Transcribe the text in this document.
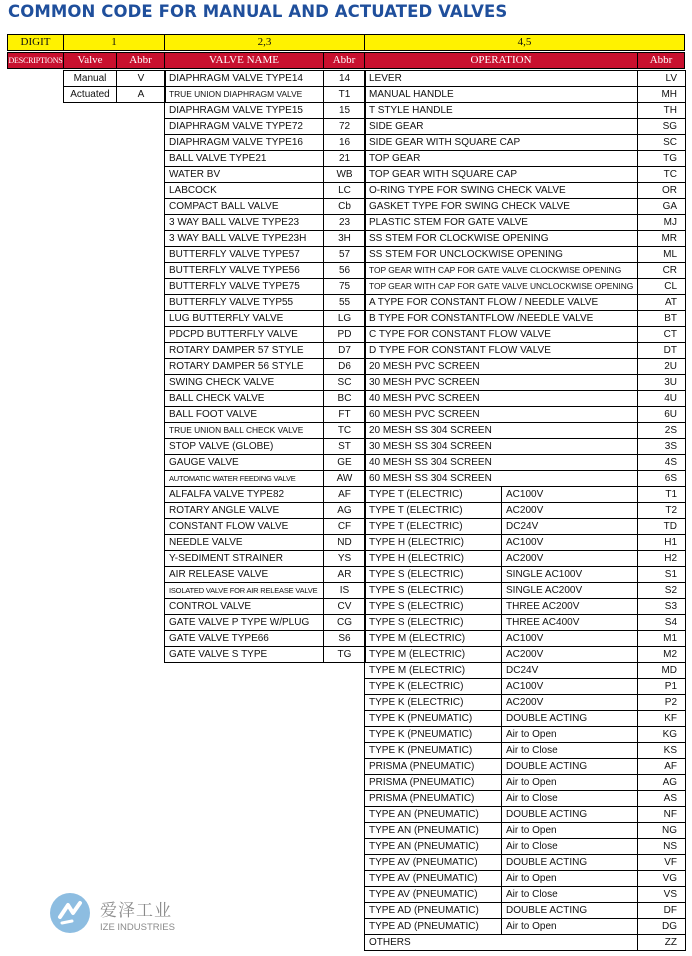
COMMON CODE FOR MANUAL AND ACTUATED VALVES
DIGIT	1	2,3	4,5
DESCRIPTIONS	Valve	Abbr	VALVE NAME	Abbr	OPERATION	Abbr
Manual	V
Actuated	A
DIAPHRAGM VALVE TYPE14	14
TRUE UNION DIAPHRAGM VALVE	T1
DIAPHRAGM VALVE TYPE15	15
DIAPHRAGM VALVE TYPE72	72
DIAPHRAGM VALVE TYPE16	16
BALL VALVE TYPE21	21
WATER BV	WB
LABCOCK	LC
COMPACT BALL VALVE	Cb
3 WAY BALL VALVE TYPE23	23
3 WAY BALL VALVE TYPE23H	3H
BUTTERFLY VALVE TYPE57	57
BUTTERFLY VALVE TYPE56	56
BUTTERFLY VALVE TYPE75	75
BUTTERFLY VALVE TYP55	55
LUG BUTTERFLY VALVE	LG
PDCPD BUTTERFLY VALVE	PD
ROTARY DAMPER 57 STYLE	D7
ROTARY DAMPER 56 STYLE	D6
SWING CHECK VALVE	SC
BALL CHECK VALVE	BC
BALL FOOT VALVE	FT
TRUE UNION BALL CHECK VALVE	TC
STOP VALVE (GLOBE)	ST
GAUGE VALVE	GE
AUTOMATIC WATER FEEDING VALVE	AW
ALFALFA VALVE TYPE82	AF
ROTARY ANGLE VALVE	AG
CONSTANT FLOW VALVE	CF
NEEDLE VALVE	ND
Y-SEDIMENT STRAINER	YS
AIR RELEASE VALVE	AR
ISOLATED VALVE FOR AIR RELEASE VALVE	IS
CONTROL VALVE	CV
GATE VALVE P TYPE W/PLUG	CG
GATE VALVE TYPE66	S6
GATE VALVE S TYPE	TG
LEVER		LV
MANUAL HANDLE		MH
T STYLE HANDLE		TH
SIDE GEAR		SG
SIDE GEAR WITH SQUARE CAP		SC
TOP GEAR		TG
TOP GEAR WITH SQUARE CAP		TC
O-RING TYPE FOR SWING CHECK VALVE		OR
GASKET TYPE FOR SWING CHECK VALVE		GA
PLASTIC STEM FOR GATE VALVE		MJ
SS STEM FOR CLOCKWISE OPENING		MR
SS STEM FOR UNCLOCKWISE OPENING		ML
TOP GEAR WITH CAP FOR GATE VALVE CLOCKWISE OPENING		CR
TOP GEAR WITH CAP FOR GATE VALVE UNCLOCKWISE OPENING		CL
A TYPE FOR CONSTANT FLOW / NEEDLE VALVE		AT
B TYPE FOR CONSTANTFLOW /NEEDLE VALVE		BT
C TYPE FOR CONSTANT FLOW VALVE		CT
D TYPE FOR CONSTANT FLOW VALVE		DT
20 MESH PVC SCREEN		2U
30 MESH PVC SCREEN		3U
40 MESH PVC SCREEN		4U
60 MESH PVC SCREEN		6U
20 MESH SS 304 SCREEN		2S
30 MESH SS 304 SCREEN		3S
40 MESH SS 304 SCREEN		4S
60 MESH SS 304 SCREEN		6S
TYPE T (ELECTRIC)	AC100V	T1
TYPE T (ELECTRIC)	AC200V	T2
TYPE T (ELECTRIC)	DC24V	TD
TYPE H (ELECTRIC)	AC100V	H1
TYPE H (ELECTRIC)	AC200V	H2
TYPE S (ELECTRIC)	SINGLE AC100V	S1
TYPE S (ELECTRIC)	SINGLE AC200V	S2
TYPE S (ELECTRIC)	THREE AC200V	S3
TYPE S (ELECTRIC)	THREE AC400V	S4
TYPE M (ELECTRIC)	AC100V	M1
TYPE M (ELECTRIC)	AC200V	M2
TYPE M (ELECTRIC)	DC24V	MD
TYPE K (ELECTRIC)	AC100V	P1
TYPE K (ELECTRIC)	AC200V	P2
TYPE K (PNEUMATIC)	DOUBLE ACTING	KF
TYPE K (PNEUMATIC)	Air to Open	KG
TYPE K (PNEUMATIC)	Air to Close	KS
PRISMA (PNEUMATIC)	DOUBLE ACTING	AF
PRISMA (PNEUMATIC)	Air to Open	AG
PRISMA (PNEUMATIC)	Air to Close	AS
TYPE AN (PNEUMATIC)	DOUBLE ACTING	NF
TYPE AN (PNEUMATIC)	Air to Open	NG
TYPE AN (PNEUMATIC)	Air to Close	NS
TYPE AV (PNEUMATIC)	DOUBLE ACTING	VF
TYPE AV (PNEUMATIC)	Air to Open	VG
TYPE AV (PNEUMATIC)	Air to Close	VS
TYPE AD (PNEUMATIC)	DOUBLE ACTING	DF
TYPE AD (PNEUMATIC)	Air to Open	DG
OTHERS		ZZ
爱泽工业
IZE INDUSTRIES
